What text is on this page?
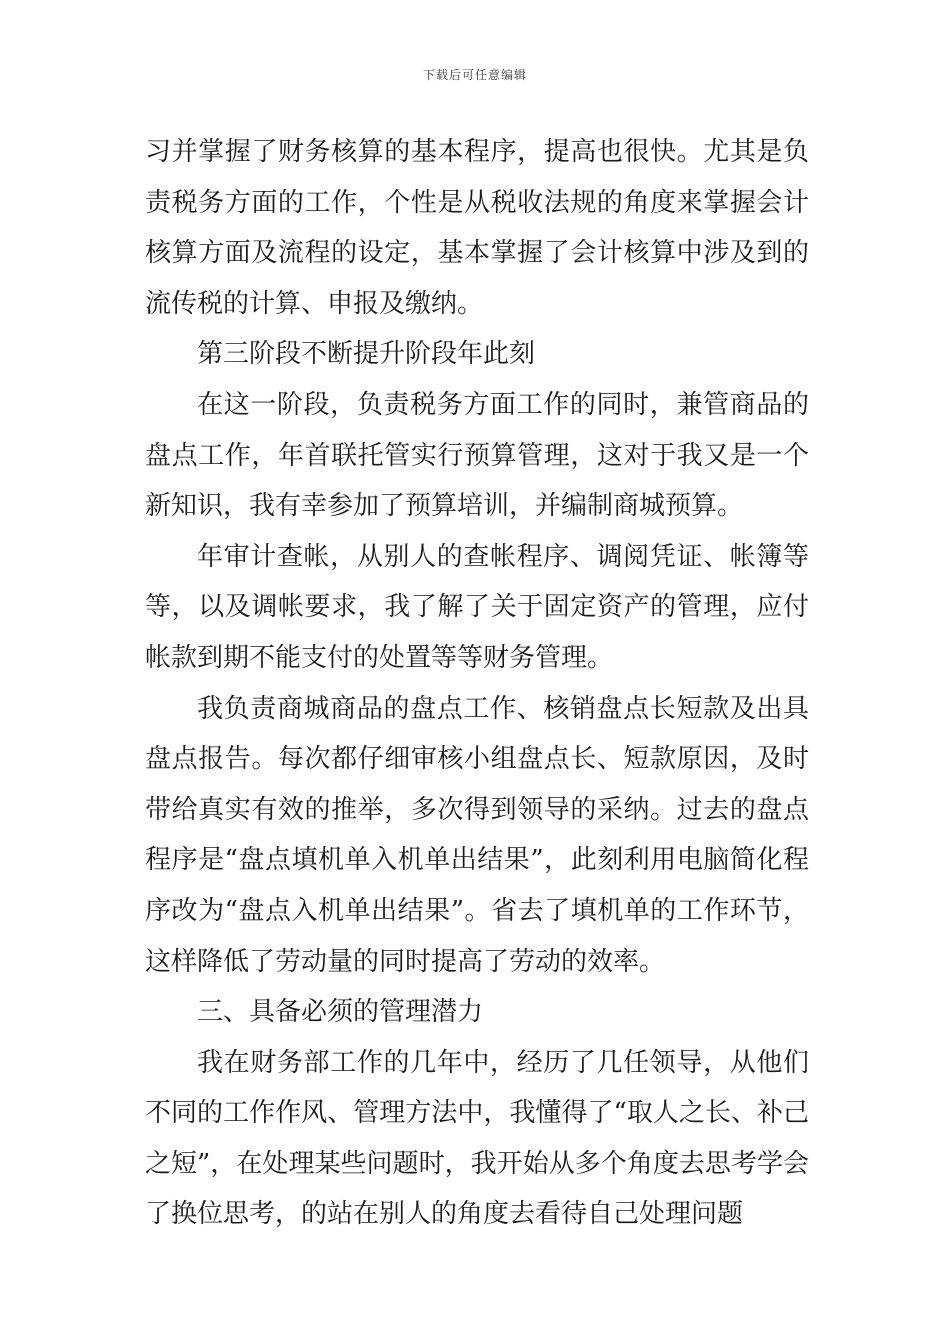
下载后可任意编辑

习并掌握了财务核算的基本程序，提高也很快。尤其是负责税务方面的工作，个性是从税收法规的角度来掌握会计核算方面及流程的设定，基本掌握了会计核算中涉及到的流传税的计算、申报及缴纳。

第三阶段不断提升阶段年此刻

在这一阶段，负责税务方面工作的同时，兼管商品的盘点工作，年首联托管实行预算管理，这对于我又是一个新知识，我有幸参加了预算培训，并编制商城预算。

年审计查帐，从别人的查帐程序、调阅凭证、帐簿等等，以及调帐要求，我了解了关于固定资产的管理，应付帐款到期不能支付的处置等等财务管理。

我负责商城商品的盘点工作、核销盘点长短款及出具盘点报告。每次都仔细审核小组盘点长、短款原因，及时带给真实有效的推举，多次得到领导的采纳。过去的盘点程序是“盘点填机单入机单出结果”，此刻利用电脑简化程序改为“盘点入机单出结果”。省去了填机单的工作环节，这样降低了劳动量的同时提高了劳动的效率。

三、具备必须的管理潜力

我在财务部工作的几年中，经历了几任领导，从他们不同的工作作风、管理方法中，我懂得了“取人之长、补己之短”，在处理某些问题时，我开始从多个角度去思考学会了换位思考，的站在别人的角度去看待自己处理问题
